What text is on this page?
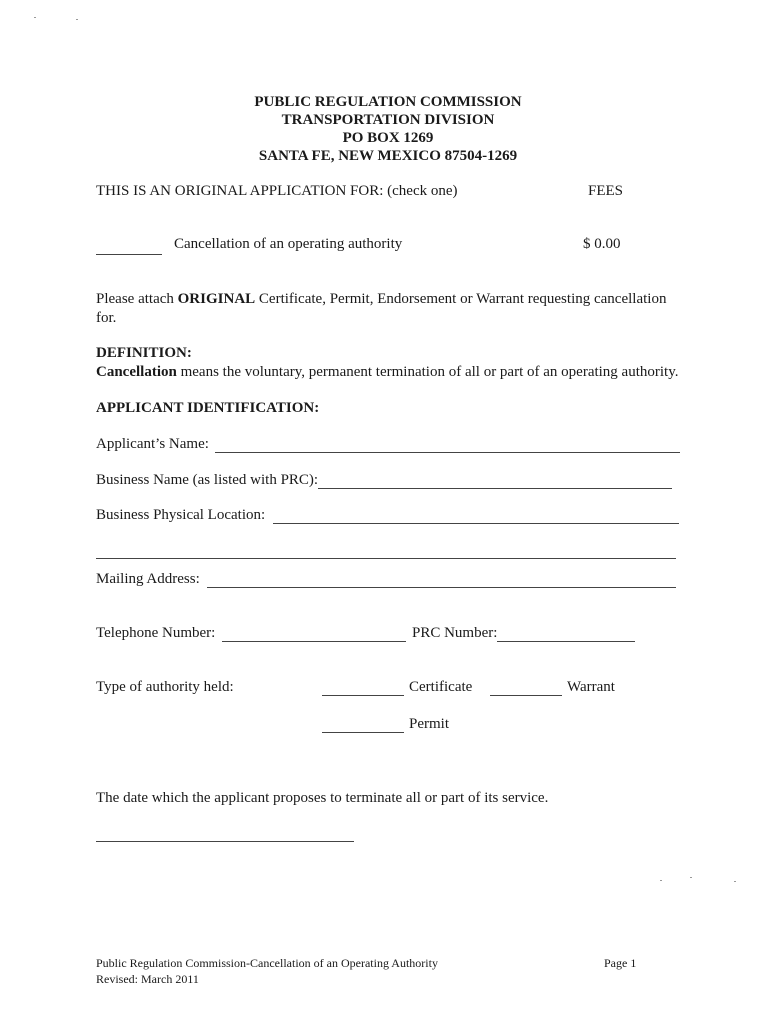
PUBLIC REGULATION COMMISSION
TRANSPORTATION DIVISION
PO BOX 1269
SANTA FE, NEW MEXICO 87504-1269
THIS IS AN ORIGINAL APPLICATION FOR: (check one)	FEES
Cancellation of an operating authority	$ 0.00
Please attach ORIGINAL Certificate, Permit, Endorsement or Warrant requesting cancellation
for.
DEFINITION:
Cancellation means the voluntary, permanent termination of all or part of an operating authority.
APPLICANT IDENTIFICATION:
Applicant’s Name:
Business Name (as listed with PRC):
Business Physical Location:
Mailing Address:
Telephone Number:	PRC Number:
Type of authority held:	Certificate	Warrant
Permit
The date which the applicant proposes to terminate all or part of its service.
Public Regulation Commission-Cancellation of an Operating Authority
Revised: March 2011
Page 1
